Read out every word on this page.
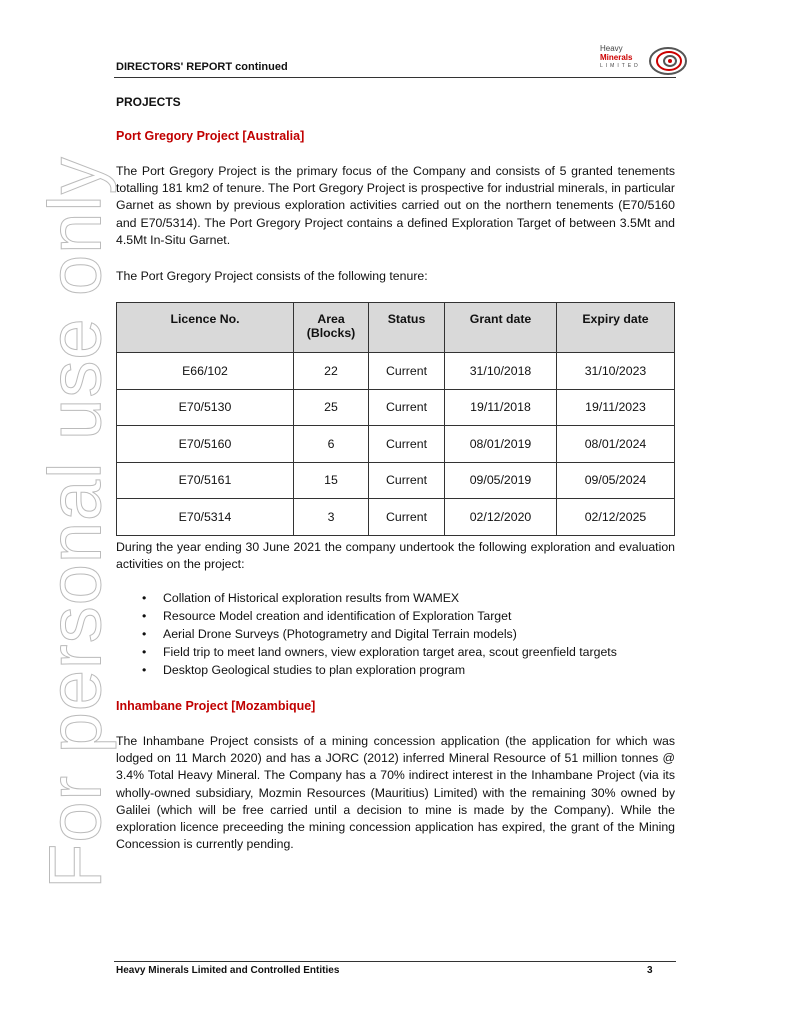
For personal use only
DIRECTORS' REPORT continued
Heavy
Minerals
LIMITED
PROJECTS
Port Gregory Project [Australia]
The Port Gregory Project is the primary focus of the Company and consists of 5 granted tenements totalling 181 km2 of tenure. The Port Gregory Project is prospective for industrial minerals, in particular Garnet as shown by previous exploration activities carried out on the northern tenements (E70/5160 and E70/5314). The Port Gregory Project contains a defined Exploration Target of between 3.5Mt and 4.5Mt In-Situ Garnet.
The Port Gregory Project consists of the following tenure:
Licence No.	Area (Blocks)	Status	Grant date	Expiry date
E66/102	22	Current	31/10/2018	31/10/2023
E70/5130	25	Current	19/11/2018	19/11/2023
E70/5160	6	Current	08/01/2019	08/01/2024
E70/5161	15	Current	09/05/2019	09/05/2024
E70/5314	3	Current	02/12/2020	02/12/2025
During the year ending 30 June 2021 the company undertook the following exploration and evaluation activities on the project:
• Collation of Historical exploration results from WAMEX
• Resource Model creation and identification of Exploration Target
• Aerial Drone Surveys (Photogrametry and Digital Terrain models)
• Field trip to meet land owners, view exploration target area, scout greenfield targets
• Desktop Geological studies to plan exploration program
Inhambane Project [Mozambique]
The Inhambane Project consists of a mining concession application (the application for which was lodged on 11 March 2020) and has a JORC (2012) inferred Mineral Resource of 51 million tonnes @ 3.4% Total Heavy Mineral. The Company has a 70% indirect interest in the Inhambane Project (via its wholly-owned subsidiary, Mozmin Resources (Mauritius) Limited) with the remaining 30% owned by Galilei (which will be free carried until a decision to mine is made by the Company). While the exploration licence preceeding the mining concession application has expired, the grant of the Mining Concession is currently pending.
Heavy Minerals Limited and Controlled Entities	3
